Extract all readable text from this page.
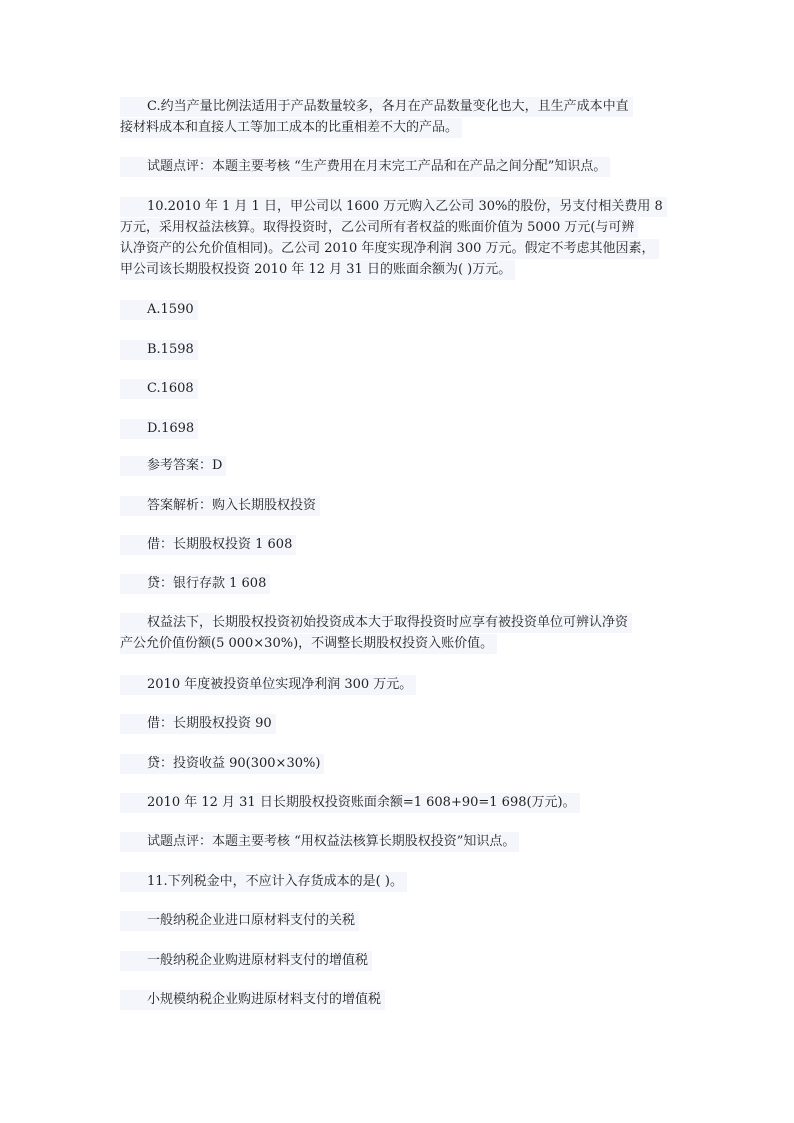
C.约当产量比例法适用于产品数量较多，各月在产品数量变化也大，且生产成本中直
接材料成本和直接人工等加工成本的比重相差不大的产品。
试题点评：本题主要考核 “生产费用在月末完工产品和在产品之间分配”知识点。
10.2010 年 1 月 1 日，甲公司以 1600 万元购入乙公司 30%的股份，另支付相关费用 8
万元，采用权益法核算。取得投资时，乙公司所有者权益的账面价值为 5000 万元(与可辨
认净资产的公允价值相同)。乙公司 2010 年度实现净利润 300 万元。假定不考虑其他因素，
甲公司该长期股权投资 2010 年 12 月 31 日的账面余额为( )万元。
A.1590
B.1598
C.1608
D.1698
参考答案：D
答案解析：购入长期股权投资
借：长期股权投资 1 608
贷：银行存款 1 608
权益法下，长期股权投资初始投资成本大于取得投资时应享有被投资单位可辨认净资
产公允价值份额(5 000×30%)，不调整长期股权投资入账价值。
2010 年度被投资单位实现净利润 300 万元。
借：长期股权投资 90
贷：投资收益 90(300×30%)
2010 年 12 月 31 日长期股权投资账面余额=1 608+90=1 698(万元)。
试题点评：本题主要考核 “用权益法核算长期股权投资”知识点。
11.下列税金中，不应计入存货成本的是( )。
一般纳税企业进口原材料支付的关税
一般纳税企业购进原材料支付的增值税
小规模纳税企业购进原材料支付的增值税
